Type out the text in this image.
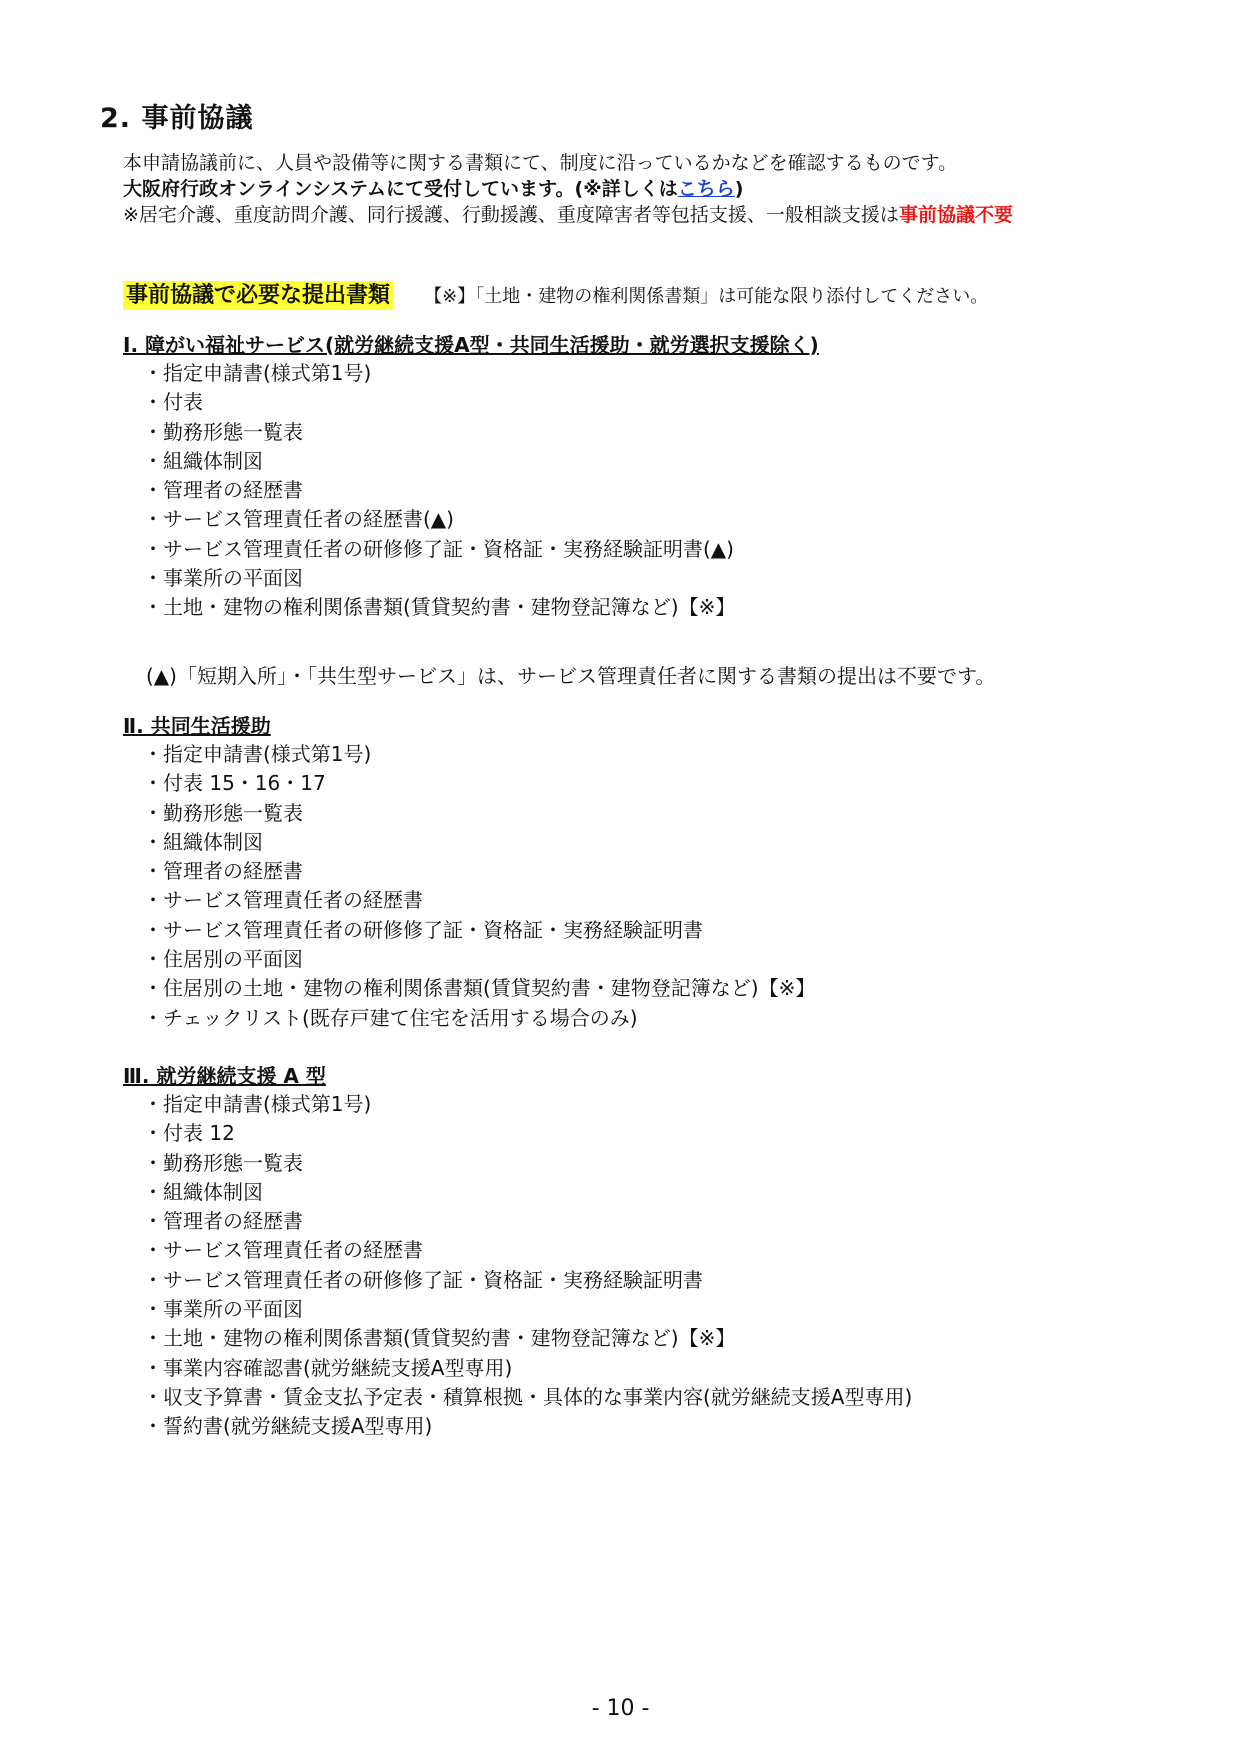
2. 事前協議
本申請協議前に、人員や設備等に関する書類にて、制度に沿っているかなどを確認するものです。
大阪府行政オンラインシステムにて受付しています。(※詳しくはこちら)
※居宅介護、重度訪問介護、同行援護、行動援護、重度障害者等包括支援、一般相談支援は事前協議不要
事前協議で必要な提出書類 【※】「土地・建物の権利関係書類」は可能な限り添付してください。
Ⅰ. 障がい福祉サービス(就労継続支援A型・共同生活援助・就労選択支援除く)
・指定申請書(様式第1号)
・付表
・勤務形態一覧表
・組織体制図
・管理者の経歴書
・サービス管理責任者の経歴書(▲)
・サービス管理責任者の研修修了証・資格証・実務経験証明書(▲)
・事業所の平面図
・土地・建物の権利関係書類(賃貸契約書・建物登記簿など)【※】
(▲)「短期入所」・「共生型サービス」は、サービス管理責任者に関する書類の提出は不要です。
Ⅱ. 共同生活援助
・指定申請書(様式第1号)
・付表 15・16・17
・勤務形態一覧表
・組織体制図
・管理者の経歴書
・サービス管理責任者の経歴書
・サービス管理責任者の研修修了証・資格証・実務経験証明書
・住居別の平面図
・住居別の土地・建物の権利関係書類(賃貸契約書・建物登記簿など)【※】
・チェックリスト(既存戸建て住宅を活用する場合のみ)
Ⅲ. 就労継続支援 A 型
・指定申請書(様式第1号)
・付表 12
・勤務形態一覧表
・組織体制図
・管理者の経歴書
・サービス管理責任者の経歴書
・サービス管理責任者の研修修了証・資格証・実務経験証明書
・事業所の平面図
・土地・建物の権利関係書類(賃貸契約書・建物登記簿など)【※】
・事業内容確認書(就労継続支援A型専用)
・収支予算書・賃金支払予定表・積算根拠・具体的な事業内容(就労継続支援A型専用)
・誓約書(就労継続支援A型専用)
- 10 -
